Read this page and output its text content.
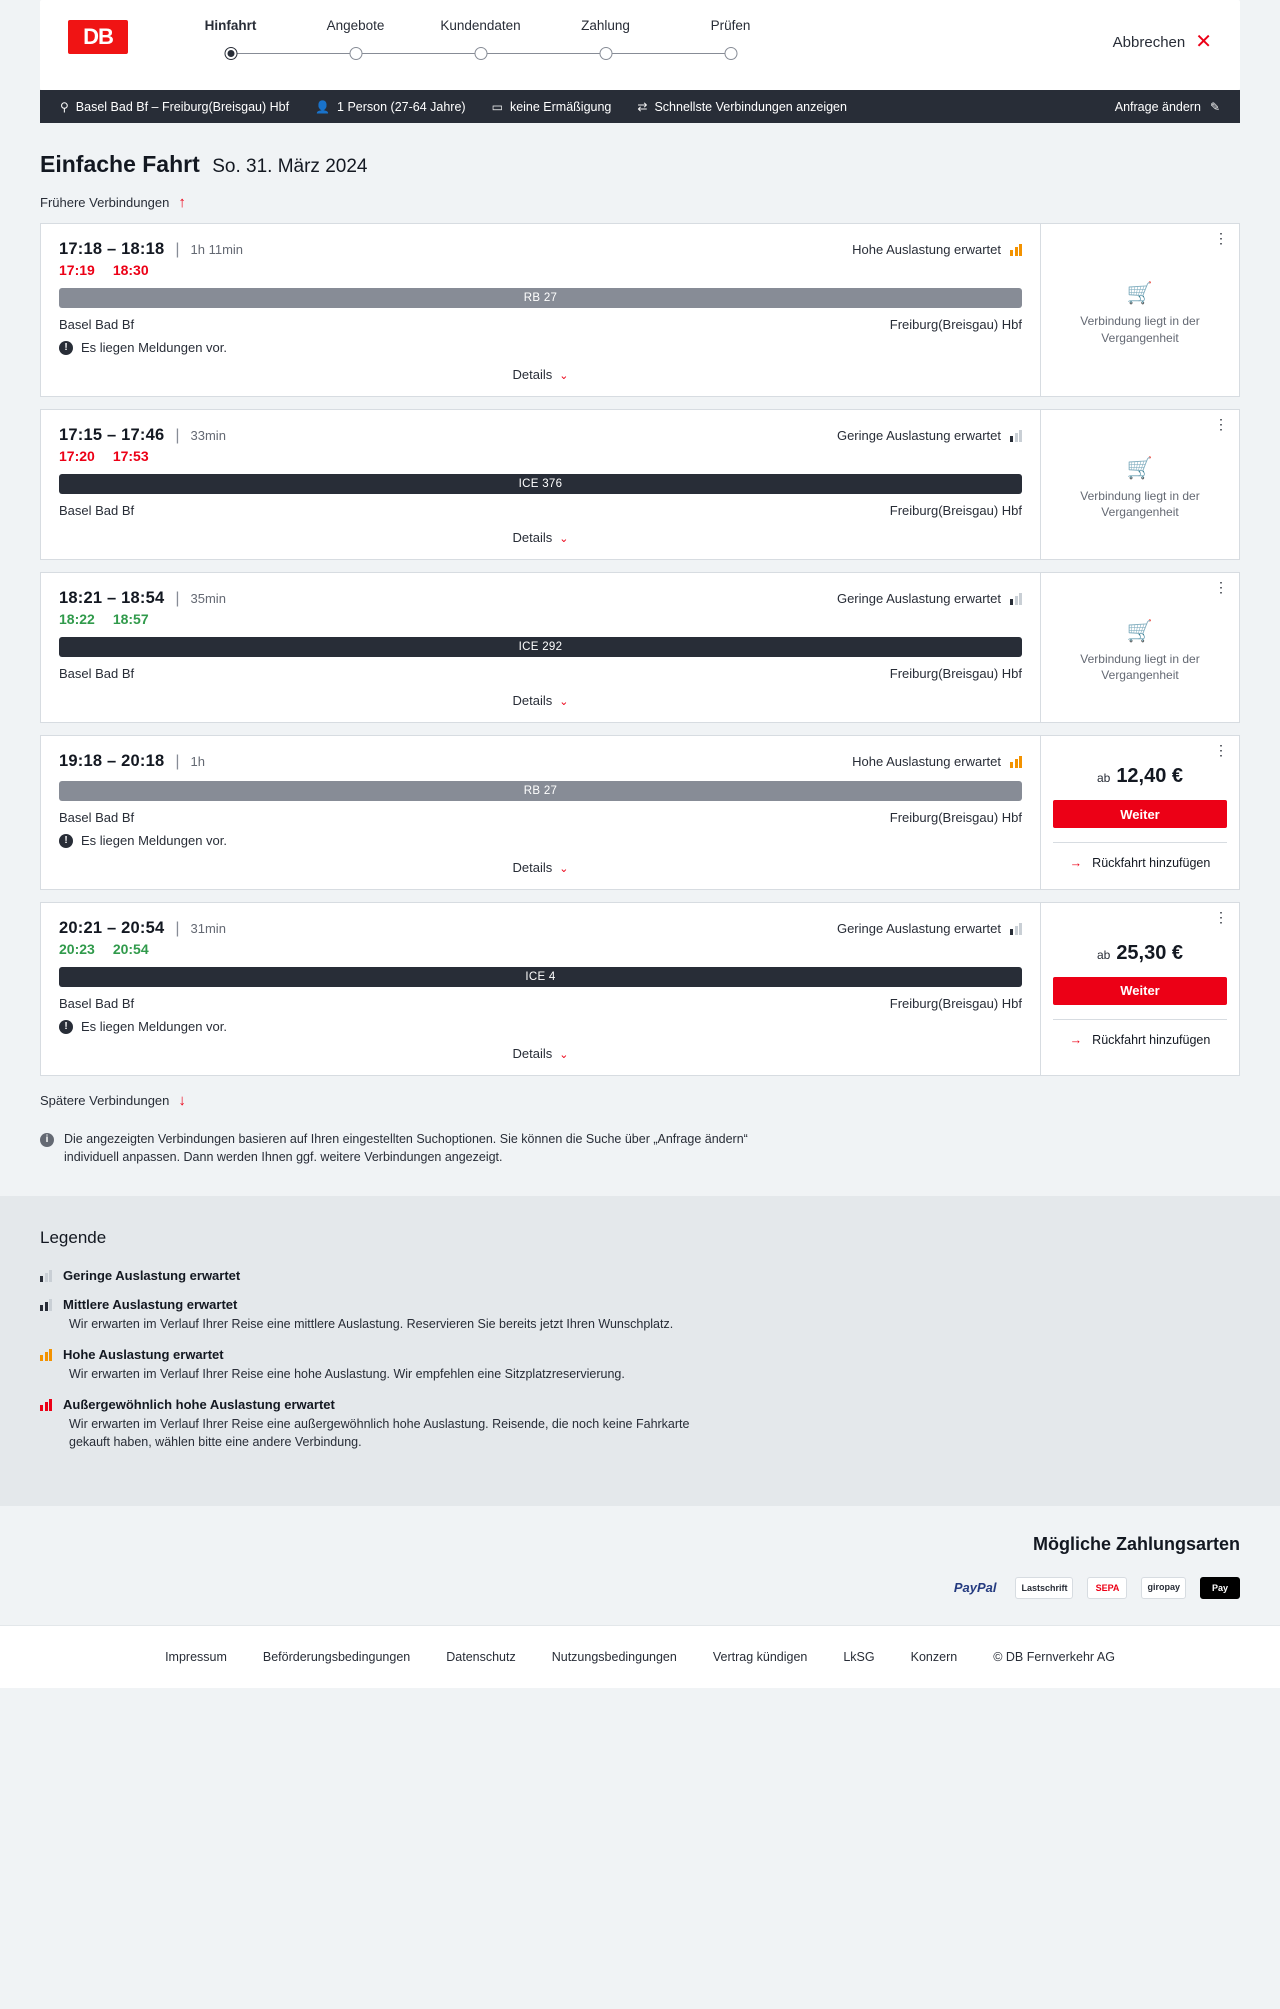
DB	Hinfahrt	Angebote	Kundendaten	Zahlung	Prüfen
Abbrechen ✕
⚲ Basel Bad Bf – Freiburg(Breisgau) Hbf 👤 1 Person (27-64 Jahre) ▭ keine Ermäßigung ⇄ Schnellste Verbindungen anzeigen	Anfrage ändern ✎
Einfache Fahrt So. 31. März 2024
Frühere Verbindungen ↑
17:18 – 18:18 | 1h 11min	Hohe Auslastung erwartet
17:19 18:30
RB 27
Basel Bad Bf	Freiburg(Breisgau) Hbf
!	Es liegen Meldungen vor.
Details ⌄
⋮
🛒
Verbindung liegt in der Vergangenheit
17:15 – 17:46 | 33min	Geringe Auslastung erwartet
17:20 17:53
ICE 376
Basel Bad Bf	Freiburg(Breisgau) Hbf
Details ⌄
⋮
🛒
Verbindung liegt in der Vergangenheit
18:21 – 18:54 | 35min	Geringe Auslastung erwartet
18:22 18:57
ICE 292
Basel Bad Bf	Freiburg(Breisgau) Hbf
Details ⌄
⋮
🛒
Verbindung liegt in der Vergangenheit
19:18 – 20:18 | 1h	Hohe Auslastung erwartet
RB 27
Basel Bad Bf	Freiburg(Breisgau) Hbf
!	Es liegen Meldungen vor.
Details ⌄
⋮
ab 12,40 €
Weiter
→ Rückfahrt hinzufügen
20:21 – 20:54 | 31min	Geringe Auslastung erwartet
20:23 20:54
ICE 4
Basel Bad Bf	Freiburg(Breisgau) Hbf
!	Es liegen Meldungen vor.
Details ⌄
⋮
ab 25,30 €
Weiter
→ Rückfahrt hinzufügen
Spätere Verbindungen ↓
i	Die angezeigten Verbindungen basieren auf Ihren eingestellten Suchoptionen. Sie können die Suche über „Anfrage ändern“ individuell anpassen. Dann werden Ihnen ggf. weitere Verbindungen angezeigt.
Legende
Geringe Auslastung erwartet
Mittlere Auslastung erwartet
Wir erwarten im Verlauf Ihrer Reise eine mittlere Auslastung. Reservieren Sie bereits jetzt Ihren Wunschplatz.
Hohe Auslastung erwartet
Wir erwarten im Verlauf Ihrer Reise eine hohe Auslastung. Wir empfehlen eine Sitzplatzreservierung.
Außergewöhnlich hohe Auslastung erwartet
Wir erwarten im Verlauf Ihrer Reise eine außergewöhnlich hohe Auslastung. Reisende, die noch keine Fahrkarte gekauft haben, wählen bitte eine andere Verbindung.
Mögliche Zahlungsarten
PayPal	Lastschrift	SEPA	giropay	Pay
Impressum	Beförderungsbedingungen	Datenschutz	Nutzungsbedingungen	Vertrag kündigen	LkSG	Konzern	© DB Fernverkehr AG
